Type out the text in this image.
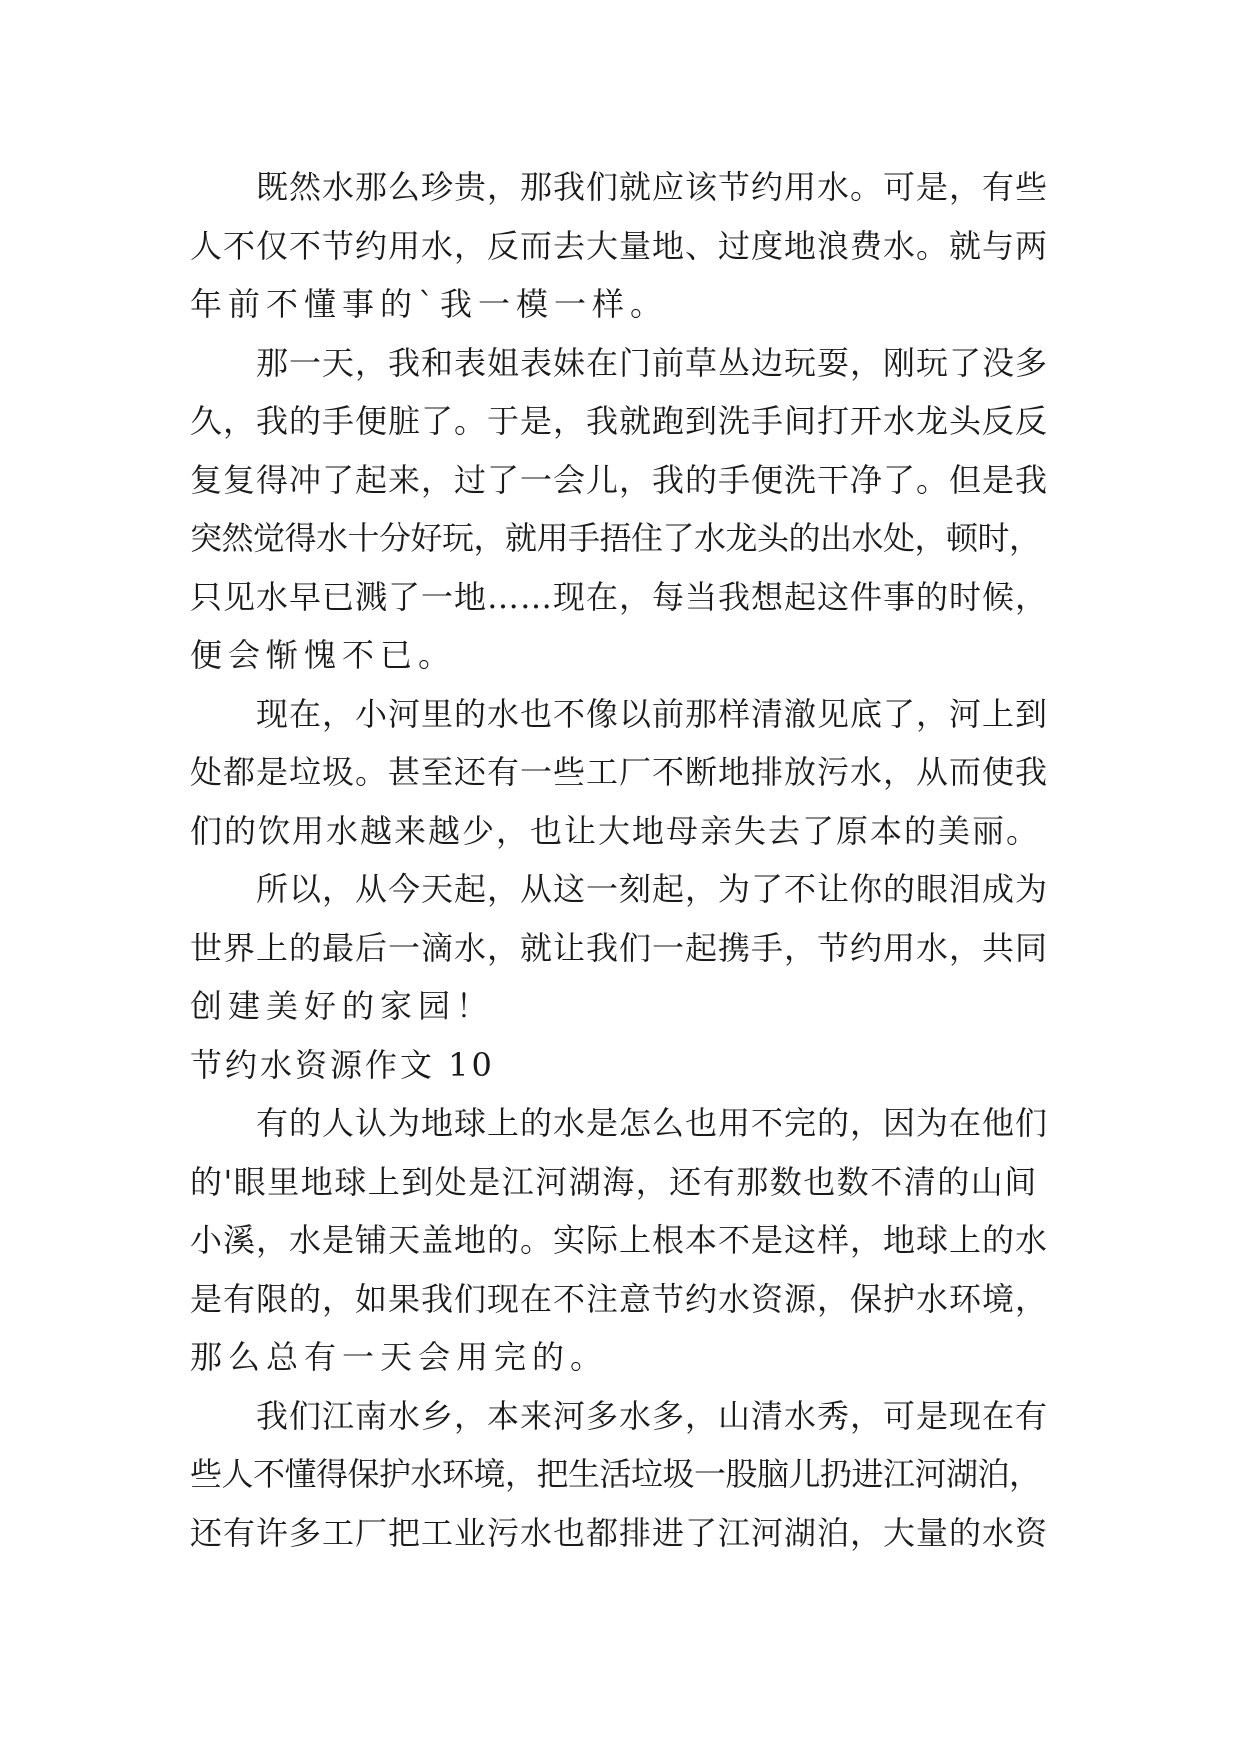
既然水那么珍贵，那我们就应该节约用水。可是，有些
人不仅不节约用水，反而去大量地、过度地浪费水。就与两
年前不懂事的`我一模一样。
那一天，我和表姐表妹在门前草丛边玩耍，刚玩了没多
久，我的手便脏了。于是，我就跑到洗手间打开水龙头反反
复复得冲了起来，过了一会儿，我的手便洗干净了。但是我
突然觉得水十分好玩，就用手捂住了水龙头的出水处，顿时，
只见水早已溅了一地……现在，每当我想起这件事的时候，
便会惭愧不已。
现在，小河里的水也不像以前那样清澈见底了，河上到
处都是垃圾。甚至还有一些工厂不断地排放污水，从而使我
们的饮用水越来越少，也让大地母亲失去了原本的美丽。
所以，从今天起，从这一刻起，为了不让你的眼泪成为
世界上的最后一滴水，就让我们一起携手，节约用水，共同
创建美好的家园！
节约水资源作文 10
有的人认为地球上的水是怎么也用不完的，因为在他们
的'眼里地球上到处是江河湖海，还有那数也数不清的山间
小溪，水是铺天盖地的。实际上根本不是这样，地球上的水
是有限的，如果我们现在不注意节约水资源，保护水环境，
那么总有一天会用完的。
我们江南水乡，本来河多水多，山清水秀，可是现在有
些人不懂得保护水环境，把生活垃圾一股脑儿扔进江河湖泊，
还有许多工厂把工业污水也都排进了江河湖泊，大量的水资
